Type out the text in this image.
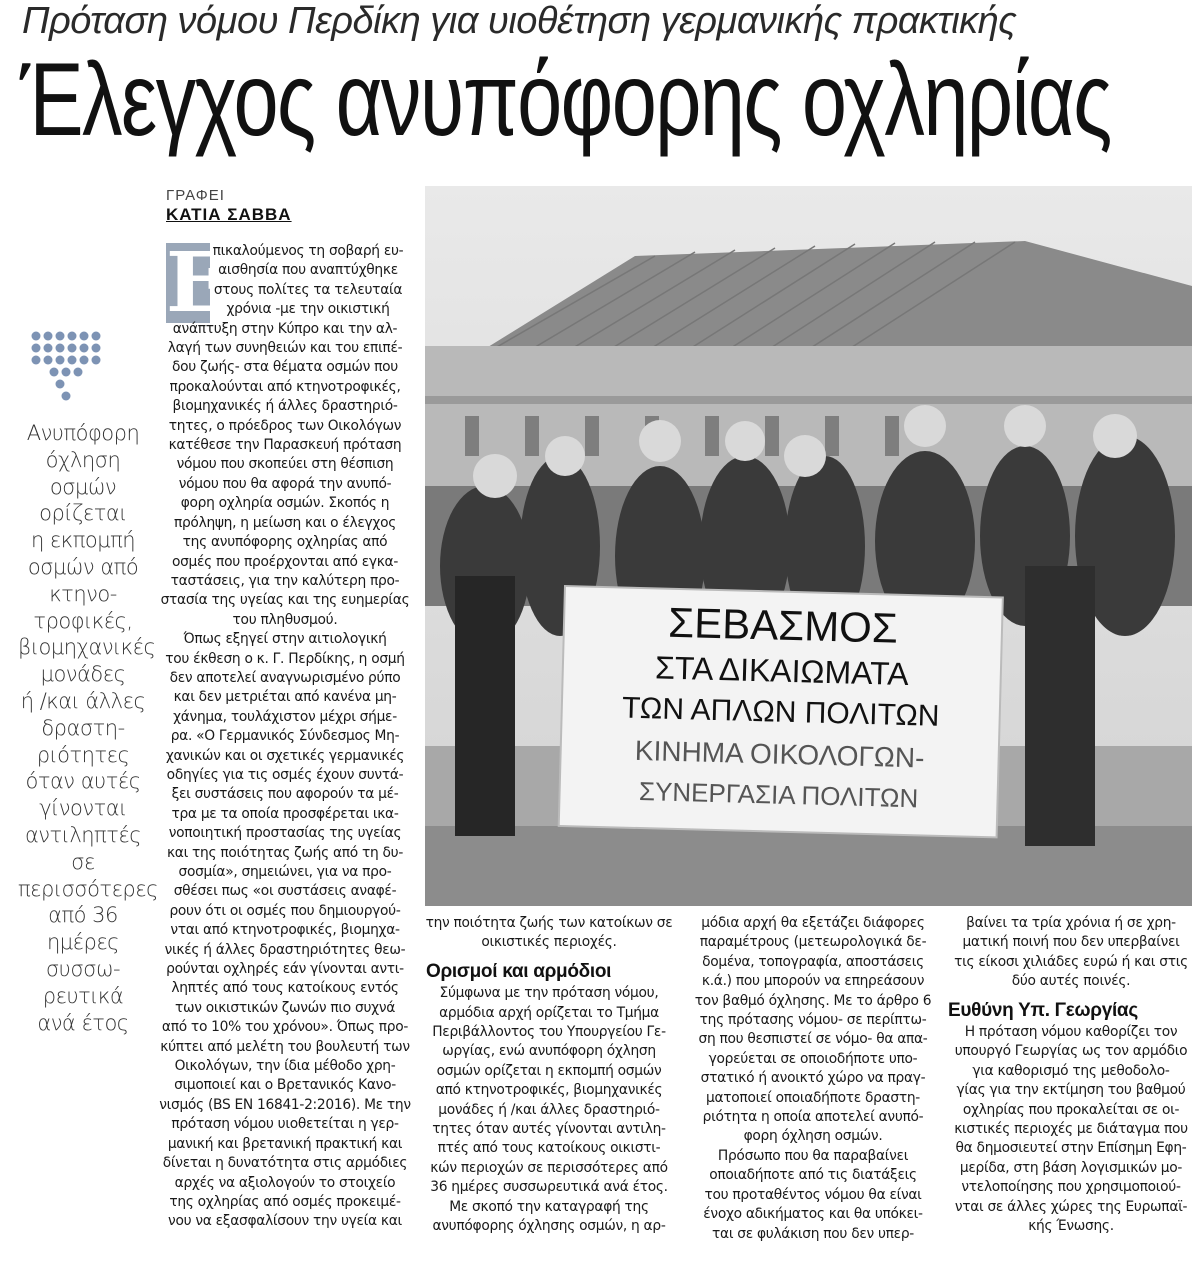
Πρόταση νόμου Περδίκη για υιοθέτηση γερμανικής πρακτικής
Έλεγχος ανυπόφορης οχληρίας
ΓΡΑΦΕΙ
ΚΑΤΙΑ ΣΑΒΒΑ
Ανυπόφορη
όχληση
οσμών
ορίζεται
η εκπομπή
οσμών από
κτηνο-
τροφικές,
βιομηχανικές
μονάδες
ή /και άλλες
δραστη-
ριότητες
όταν αυτές
γίνονται
αντιληπτές σε
περισσότερες
από 36
ημέρες
συσσω-
ρευτικά
ανά έτος
Ε
πικαλούμενος τη σοβαρή ευ-
αισθησία που αναπτύχθηκε
στους πολίτες τα τελευταία
χρόνια -με την οικιστική
ανάπτυξη στην Κύπρο και την αλ-
λαγή των συνηθειών και του επιπέ-
δου ζωής- στα θέματα οσμών που
προκαλούνται από κτηνοτροφικές,
βιομηχανικές ή άλλες δραστηριό-
τητες, ο πρόεδρος των Οικολόγων
κατέθεσε την Παρασκευή πρόταση
νόμου που σκοπεύει στη θέσπιση
νόμου που θα αφορά την ανυπό-
φορη οχληρία οσμών. Σκοπός η
πρόληψη, η μείωση και ο έλεγχος
της ανυπόφορης οχληρίας από
οσμές που προέρχονται από εγκα-
ταστάσεις, για την καλύτερη προ-
στασία της υγείας και της ευημερίας
του πληθυσμού.
Όπως εξηγεί στην αιτιολογική
του έκθεση ο κ. Γ. Περδίκης, η οσμή
δεν αποτελεί αναγνωρισμένο ρύπο
και δεν μετριέται από κανένα μη-
χάνημα, τουλάχιστον μέχρι σήμε-
ρα. «Ο Γερμανικός Σύνδεσμος Μη-
χανικών και οι σχετικές γερμανικές
οδηγίες για τις οσμές έχουν συντά-
ξει συστάσεις που αφορούν τα μέ-
τρα με τα οποία προσφέρεται ικα-
νοποιητική προστασίας της υγείας
και της ποιότητας ζωής από τη δυ-
σοσμία», σημειώνει, για να προ-
σθέσει πως «οι συστάσεις αναφέ-
ρουν ότι οι οσμές που δημιουργού-
νται από κτηνοτροφικές, βιομηχα-
νικές ή άλλες δραστηριότητες θεω-
ρούνται οχληρές εάν γίνονται αντι-
ληπτές από τους κατοίκους εντός
των οικιστικών ζωνών πιο συχνά
από το 10% του χρόνου». Όπως προ-
κύπτει από μελέτη του βουλευτή των
Οικολόγων, την ίδια μέθοδο χρη-
σιμοποιεί και ο Βρετανικός Κανο-
νισμός (BS EN 16841-2:2016). Με την
πρόταση νόμου υιοθετείται η γερ-
μανική και βρετανική πρακτική και
δίνεται η δυνατότητα στις αρμόδιες
αρχές να αξιολογούν το στοιχείο
της οχληρίας από οσμές προκειμέ-
νου να εξασφαλίσουν την υγεία και
ΣΕΒΑΣΜΟΣ
ΣΤΑ ΔΙΚΑΙΩΜΑΤΑ
ΤΩΝ ΑΠΛΩΝ ΠΟΛΙΤΩΝ
ΚΙΝΗΜΑ ΟΙΚΟΛΟΓΩΝ-
ΣΥΝΕΡΓΑΣΙΑ ΠΟΛΙΤΩΝ
την ποιότητα ζωής των κατοίκων σε
οικιστικές περιοχές.
Ορισμοί και αρμόδιοι
Σύμφωνα με την πρόταση νόμου,
αρμόδια αρχή ορίζεται το Τμήμα
Περιβάλλοντος του Υπουργείου Γε-
ωργίας, ενώ ανυπόφορη όχληση
οσμών ορίζεται η εκπομπή οσμών
από κτηνοτροφικές, βιομηχανικές
μονάδες ή /και άλλες δραστηριό-
τητες όταν αυτές γίνονται αντιλη-
πτές από τους κατοίκους οικιστι-
κών περιοχών σε περισσότερες από
36 ημέρες συσσωρευτικά ανά έτος.
Με σκοπό την καταγραφή της
ανυπόφορης όχλησης οσμών, η αρ-
μόδια αρχή θα εξετάζει διάφορες
παραμέτρους (μετεωρολογικά δε-
δομένα, τοπογραφία, αποστάσεις
κ.ά.) που μπορούν να επηρεάσουν
τον βαθμό όχλησης. Με το άρθρο 6
της πρότασης νόμου- σε περίπτω-
ση που θεσπιστεί σε νόμο- θα απα-
γορεύεται σε οποιοδήποτε υπο-
στατικό ή ανοικτό χώρο να πραγ-
ματοποιεί οποιαδήποτε δραστη-
ριότητα η οποία αποτελεί ανυπό-
φορη όχληση οσμών.
Πρόσωπο που θα παραβαίνει
οποιαδήποτε από τις διατάξεις
του προταθέντος νόμου θα είναι
ένοχο αδικήματος και θα υπόκει-
ται σε φυλάκιση που δεν υπερ-
βαίνει τα τρία χρόνια ή σε χρη-
ματική ποινή που δεν υπερβαίνει
τις είκοσι χιλιάδες ευρώ ή και στις
δύο αυτές ποινές.
Ευθύνη Υπ. Γεωργίας
Η πρόταση νόμου καθορίζει τον
υπουργό Γεωργίας ως τον αρμόδιο
για καθορισμό της μεθοδολο-
γίας για την εκτίμηση του βαθμού
οχληρίας που προκαλείται σε οι-
κιστικές περιοχές με διάταγμα που
θα δημοσιευτεί στην Επίσημη Εφη-
μερίδα, στη βάση λογισμικών μο-
ντελοποίησης που χρησιμοποιού-
νται σε άλλες χώρες της Ευρωπαϊ-
κής Ένωσης.
